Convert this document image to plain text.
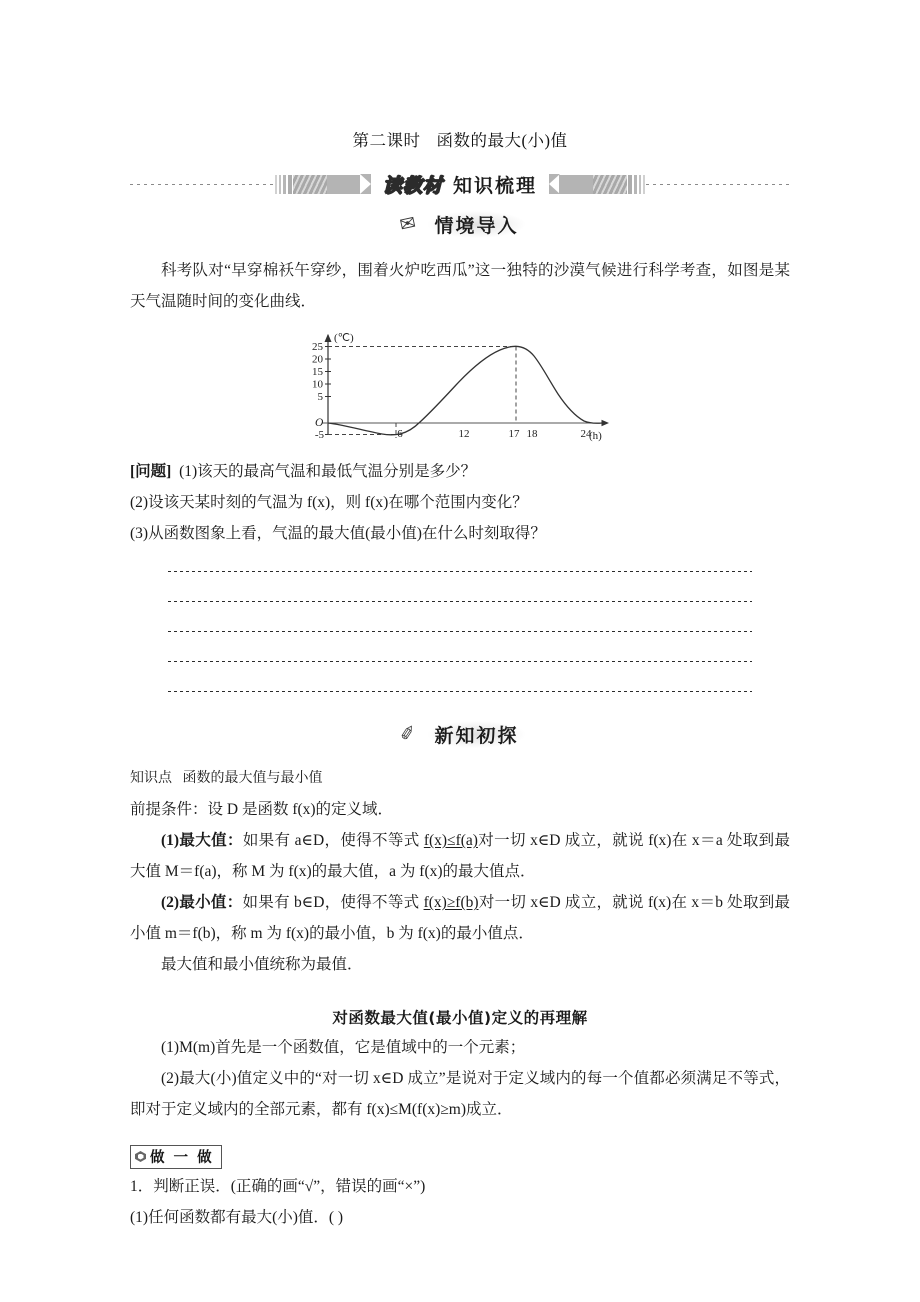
第二课时 函数的最大(小)值
读教材 知识梳理
✉ 情境导入

科考队对“早穿棉袄午穿纱，围着火炉吃西瓜”这一独特的沙漠气候进行科学考查，如图是某天气温随时间的变化曲线．

(℃)
O
(h)
25
20
15
10
5
-5	6	12	17 18	24

[问题] (1)该天的最高气温和最低气温分别是多少？

(2)设该天某时刻的气温为 f(x)，则 f(x)在哪个范围内变化？

(3)从函数图象上看，气温的最大值(最小值)在什么时刻取得？

✐ 新知初探

知识点 函数的最大值与最小值

前提条件：设 D 是函数 f(x)的定义域．

(1)最大值：如果有 a∈D，使得不等式 f(x)≤f(a)对一切 x∈D 成立，就说 f(x)在 x＝a 处取到最大值 M＝f(a)，称 M 为 f(x)的最大值，a 为 f(x)的最大值点．

(2)最小值：如果有 b∈D，使得不等式 f(x)≥f(b)对一切 x∈D 成立，就说 f(x)在 x＝b 处取到最小值 m＝f(b)，称 m 为 f(x)的最小值，b 为 f(x)的最小值点．

最大值和最小值统称为最值．

对函数最大值(最小值)定义的再理解

(1)M(m)首先是一个函数值，它是值域中的一个元素；

(2)最大(小)值定义中的“对一切 x∈D 成立”是说对于定义域内的每一个值都必须满足不等式，即对于定义域内的全部元素，都有 f(x)≤M(f(x)≥m)成立．

做 一 做

1．判断正误．(正确的画“√”，错误的画“×”)

(1)任何函数都有最大(小)值．( )
